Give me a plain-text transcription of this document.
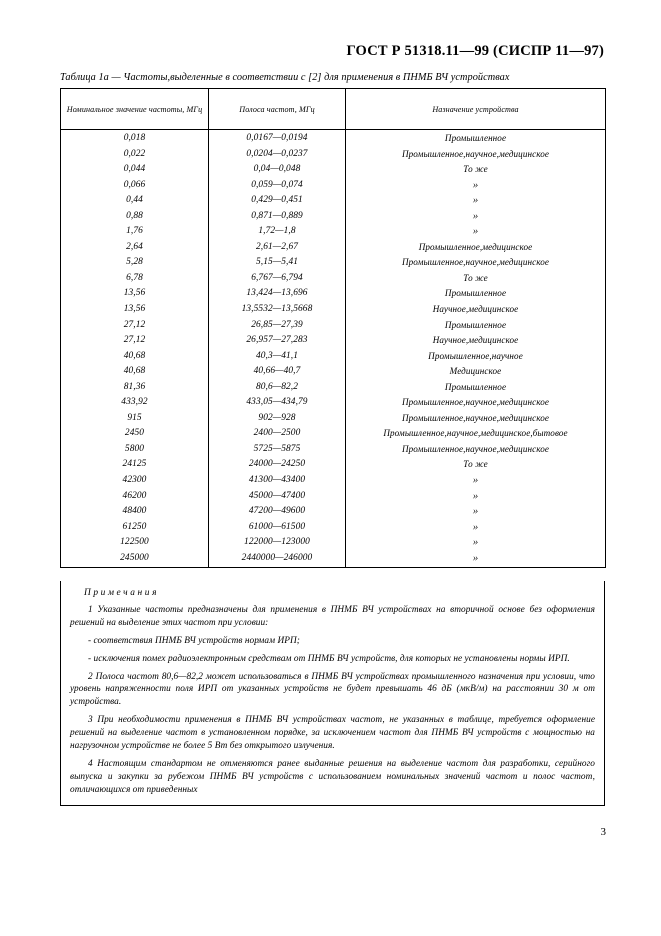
ГОСТ Р 51318.11—99 (СИСПР 11—97)
Таблица 1а — Частоты,выделенные в соответствии с [2] для применения в ПНМБ ВЧ устройствах
Номинальное значение частоты, МГц	Полоса частот, МГц	Назначение устройства
0,018	0,0167—0,0194	Промышленное
0,022	0,0204—0,0237	Промышленное,научное,медицинское
0,044	0,04—0,048	То же
0,066	0,059—0,074	»
0,44	0,429—0,451	»
0,88	0,871—0,889	»
1,76	1,72—1,8	»
2,64	2,61—2,67	Промышленное,медицинское
5,28	5,15—5,41	Промышленное,научное,медицинское
6,78	6,767—6,794	То же
13,56	13,424—13,696	Промышленное
13,56	13,5532—13,5668	Научное,медицинское
27,12	26,85—27,39	Промышленное
27,12	26,957—27,283	Научное,медицинское
40,68	40,3—41,1	Промышленное,научное
40,68	40,66—40,7	Медицинское
81,36	80,6—82,2	Промышленное
433,92	433,05—434,79	Промышленное,научное,медицинское
915	902—928	Промышленное,научное,медицинское
2450	2400—2500	Промышленное,научное,медицинское,бытовое
5800	5725—5875	Промышленное,научное,медицинское
24125	24000—24250	То же
42300	41300—43400	»
46200	45000—47400	»
48400	47200—49600	»
61250	61000—61500	»
122500	122000—123000	»
245000	2440000—246000	»
Примечания

1 Указанные частоты предназначены для применения в ПНМБ ВЧ устройствах на вторичной основе без оформления решений на выделение этих частот при условии:

- соответствия ПНМБ ВЧ устройств нормам ИРП;

- исключения помех радиоэлектронным средствам от ПНМБ ВЧ устройств, для которых не установлены нормы ИРП.

2 Полоса частот 80,6—82,2 может использоваться в ПНМБ ВЧ устройствах промышленного назначения при условии, что уровень напряженности поля ИРП от указанных устройств не будет превышать 46 дБ (мкВ/м) на расстоянии 30 м от устройства.

3 При необходимости применения в ПНМБ ВЧ устройствах частот, не указанных в таблице, требуется оформление решений на выделение частот в установленном порядке, за исключением частот для ПНМБ ВЧ устройств с мощностью на нагрузочном устройстве не более 5 Вт без открытого излучения.

4 Настоящим стандартом не отменяются ранее выданные решения на выделение частот для разработки, серийного выпуска и закупки за рубежом ПНМБ ВЧ устройств с использованием номинальных значений частот и полос частот, отличающихся от приведенных

3
